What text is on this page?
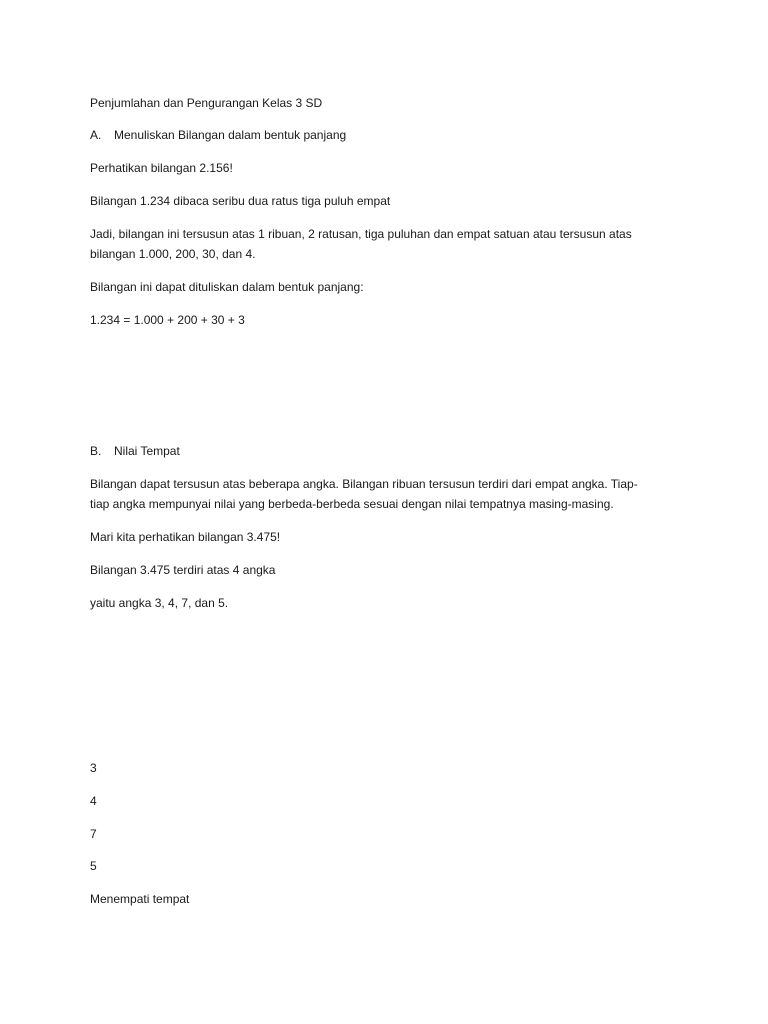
Penjumlahan dan Pengurangan Kelas 3 SD
A. Menuliskan Bilangan dalam bentuk panjang
Perhatikan bilangan 2.156!
Bilangan 1.234 dibaca seribu dua ratus tiga puluh empat
Jadi, bilangan ini tersusun atas 1 ribuan, 2 ratusan, tiga puluhan dan empat satuan atau tersusun atas
bilangan 1.000, 200, 30, dan 4.
Bilangan ini dapat dituliskan dalam bentuk panjang:
1.234 = 1.000 + 200 + 30 + 3
B. Nilai Tempat
Bilangan dapat tersusun atas beberapa angka. Bilangan ribuan tersusun terdiri dari empat angka. Tiap-
tiap angka mempunyai nilai yang berbeda-berbeda sesuai dengan nilai tempatnya masing-masing.
Mari kita perhatikan bilangan 3.475!
Bilangan 3.475 terdiri atas 4 angka
yaitu angka 3, 4, 7, dan 5.
3
4
7
5
Menempati tempat
